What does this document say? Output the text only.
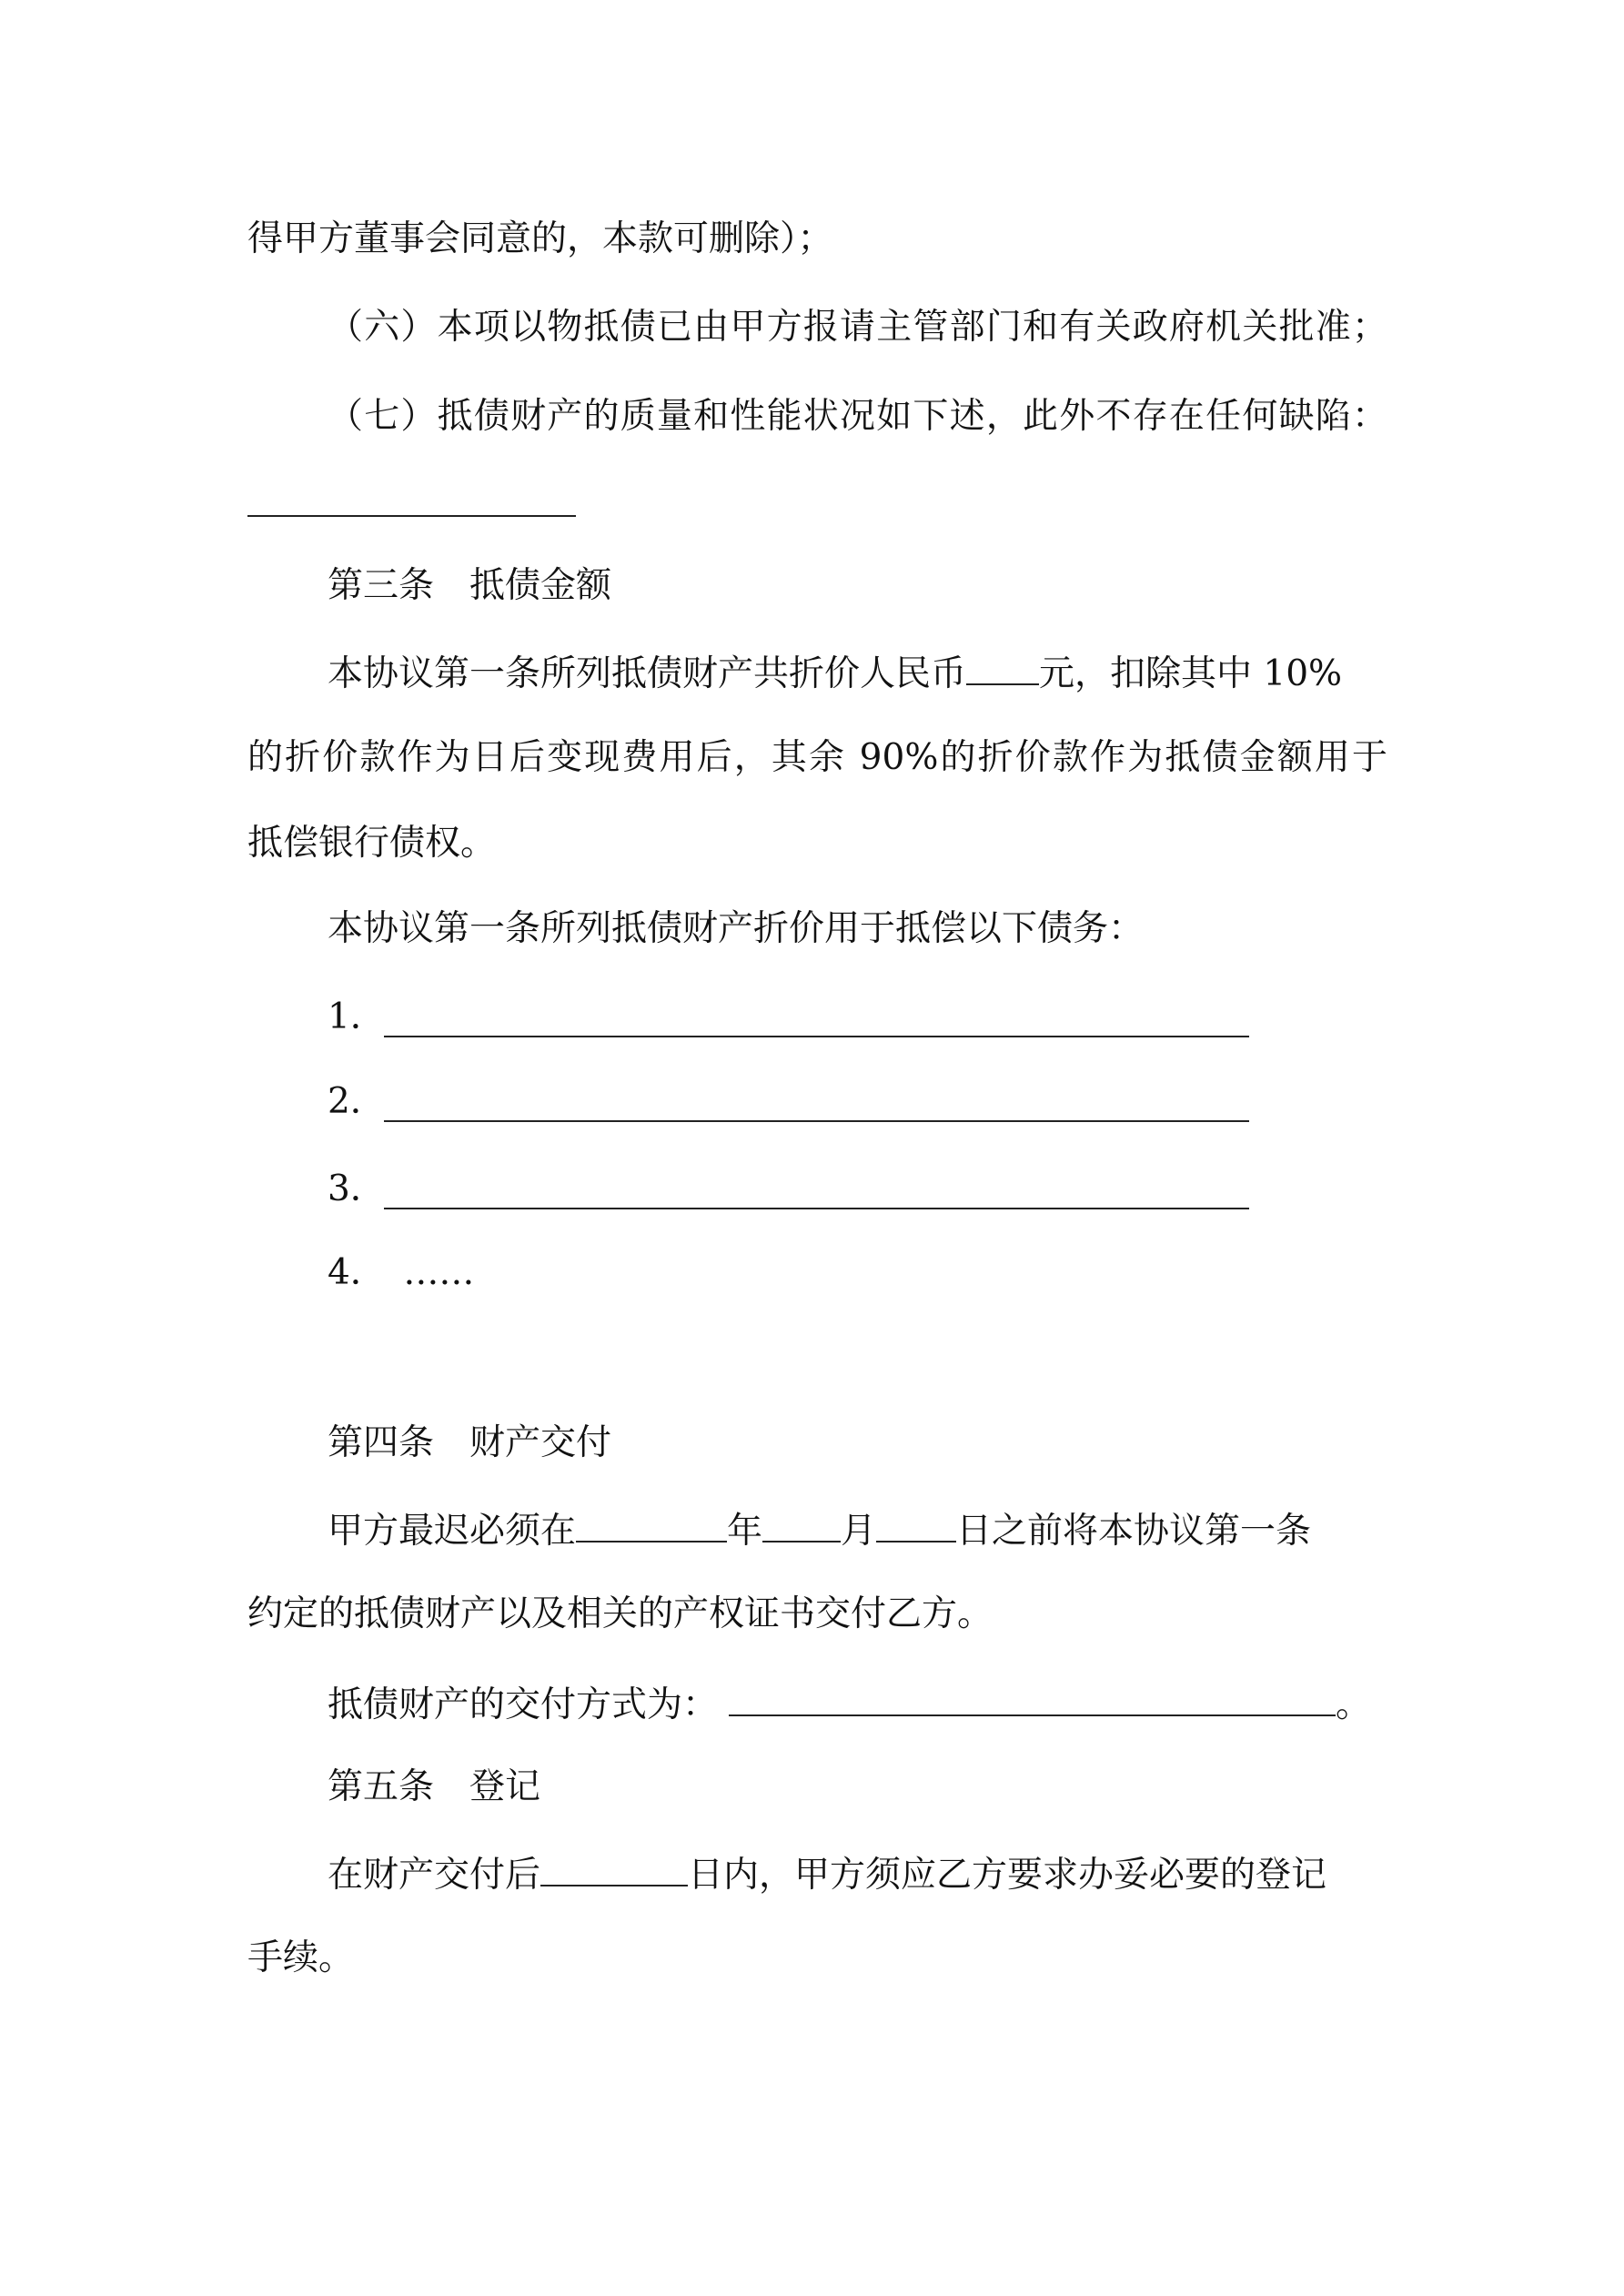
得甲方董事会同意的，本款可删除）；
（六）本项以物抵债已由甲方报请主管部门和有关政府机关批准；
（七）抵债财产的质量和性能状况如下述，此外不存在任何缺陷：
第三条　抵债金额
本协议第一条所列抵债财产共折价人民币 元，扣除其中 10%
的折价款作为日后变现费用后，其余 90%的折价款作为抵债金额用于
抵偿银行债权。
本协议第一条所列抵债财产折价用于抵偿以下债务：
1．
2．
3．
4．　……
第四条　财产交付
甲方最迟必须在	年 月 日之前将本协议第一条
约定的抵债财产以及相关的产权证书交付乙方。
抵债财产的交付方式为：	。
第五条　登记
在财产交付后	日内，甲方须应乙方要求办妥必要的登记
手续。
